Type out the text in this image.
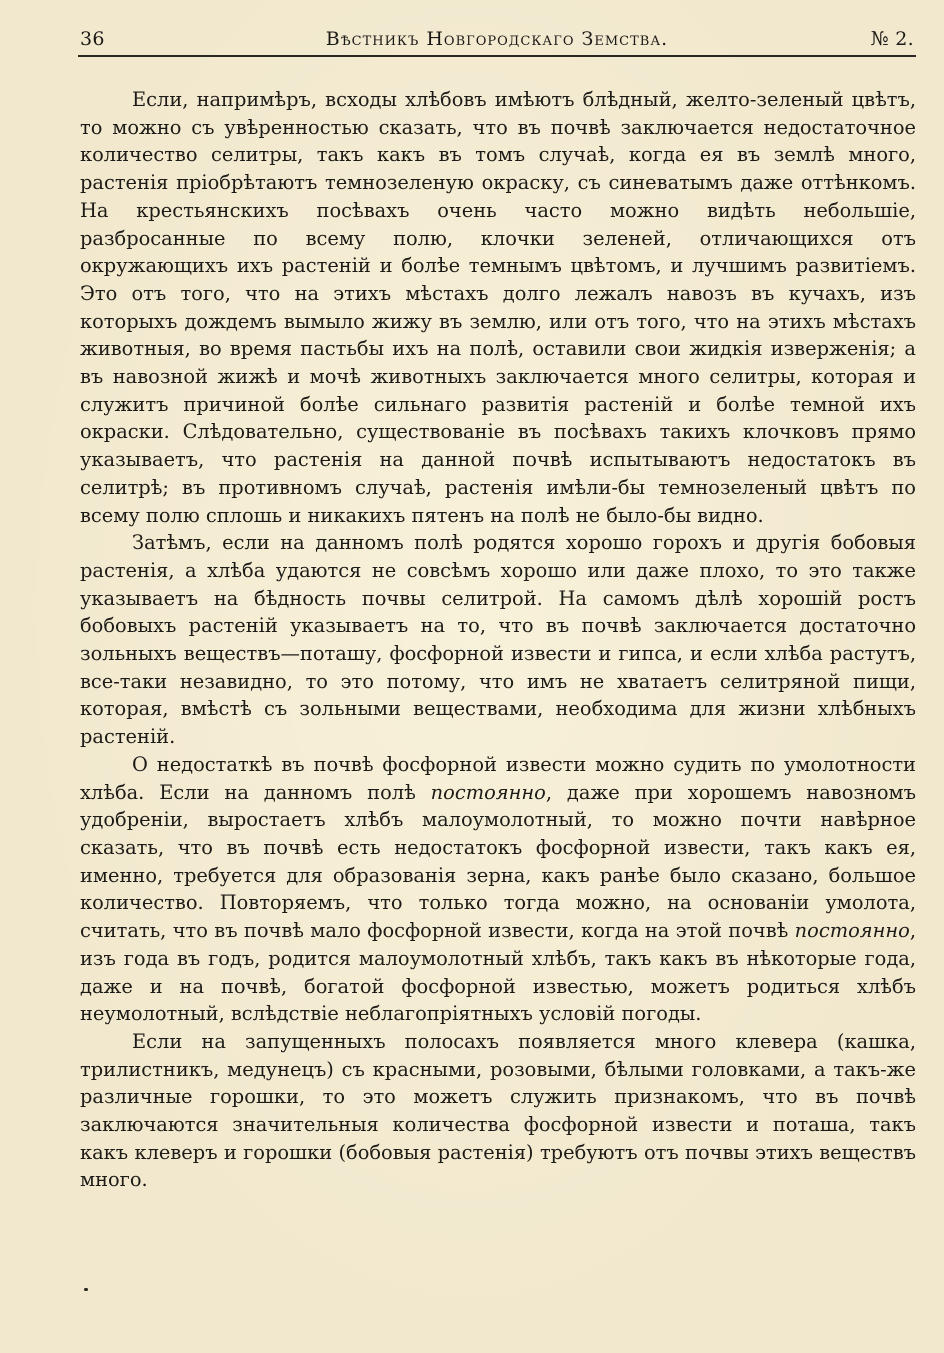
36	Вѣстникъ Новгородскаго Земства.	№ 2.

Если, напримѣръ, всходы хлѣбовъ имѣютъ блѣдный, желто-зеленый цвѣтъ, то можно съ увѣренностью сказать, что въ почвѣ заключается недостаточное количество селитры, такъ какъ въ томъ случаѣ, когда ея въ землѣ много, растенія пріобрѣтаютъ темнозеленую окраску, съ синеватымъ даже оттѣнкомъ. На крестьянскихъ посѣвахъ очень часто можно видѣть небольшіе, разбросанные по всему полю, клочки зеленей, отличающихся отъ окружающихъ ихъ растеній и болѣе темнымъ цвѣтомъ, и лучшимъ развитіемъ. Это отъ того, что на этихъ мѣстахъ долго лежалъ навозъ въ кучахъ, изъ которыхъ дождемъ вымыло жижу въ землю, или отъ того, что на этихъ мѣстахъ животныя, во время пастьбы ихъ на полѣ, оставили свои жидкія изверженія; а въ навозной жижѣ и мочѣ животныхъ заключается много селитры, которая и служитъ причиной болѣе сильнаго развитія растеній и болѣе темной ихъ окраски. Слѣдовательно, существованіе въ посѣвахъ такихъ клочковъ прямо указываетъ, что растенія на данной почвѣ испытываютъ недостатокъ въ селитрѣ; въ противномъ случаѣ, растенія имѣли-бы темнозеленый цвѣтъ по всему полю сплошь и никакихъ пятенъ на полѣ не было-бы видно.

Затѣмъ, если на данномъ полѣ родятся хорошо горохъ и другія бобовыя растенія, а хлѣба удаются не совсѣмъ хорошо или даже плохо, то это также указываетъ на бѣдность почвы селитрой. На самомъ дѣлѣ хорошій ростъ бобовыхъ растеній указываетъ на то, что въ почвѣ заключается достаточно зольныхъ веществъ—поташу, фосфорной извести и гипса, и если хлѣба растутъ, все-таки незавидно, то это потому, что имъ не хватаетъ селитряной пищи, которая, вмѣстѣ съ зольными веществами, необходима для жизни хлѣбныхъ растеній.

О недостаткѣ въ почвѣ фосфорной извести можно судить по умолотности хлѣба. Если на данномъ полѣ постоянно, даже при хорошемъ навозномъ удобреніи, выростаетъ хлѣбъ малоумолотный, то можно почти навѣрное сказать, что въ почвѣ есть недостатокъ фосфорной извести, такъ какъ ея, именно, требуется для образованія зерна, какъ ранѣе было сказано, большое количество. Повторяемъ, что только тогда можно, на основаніи умолота, считать, что въ почвѣ мало фосфорной извести, когда на этой почвѣ постоянно, изъ года въ годъ, родится малоумолотный хлѣбъ, такъ какъ въ нѣкоторые года, даже и на почвѣ, богатой фосфорной известью, можетъ родиться хлѣбъ неумолотный, вслѣдствіе неблагопріятныхъ условій погоды.

Если на запущенныхъ полосахъ появляется много клевера (кашка, трилистникъ, медунецъ) съ красными, розовыми, бѣлыми головками, а такъ-же различные горошки, то это можетъ служить признакомъ, что въ почвѣ заключаются значительныя количества фосфорной извести и поташа, такъ какъ клеверъ и горошки (бобовыя растенія) требуютъ отъ почвы этихъ веществъ много.
